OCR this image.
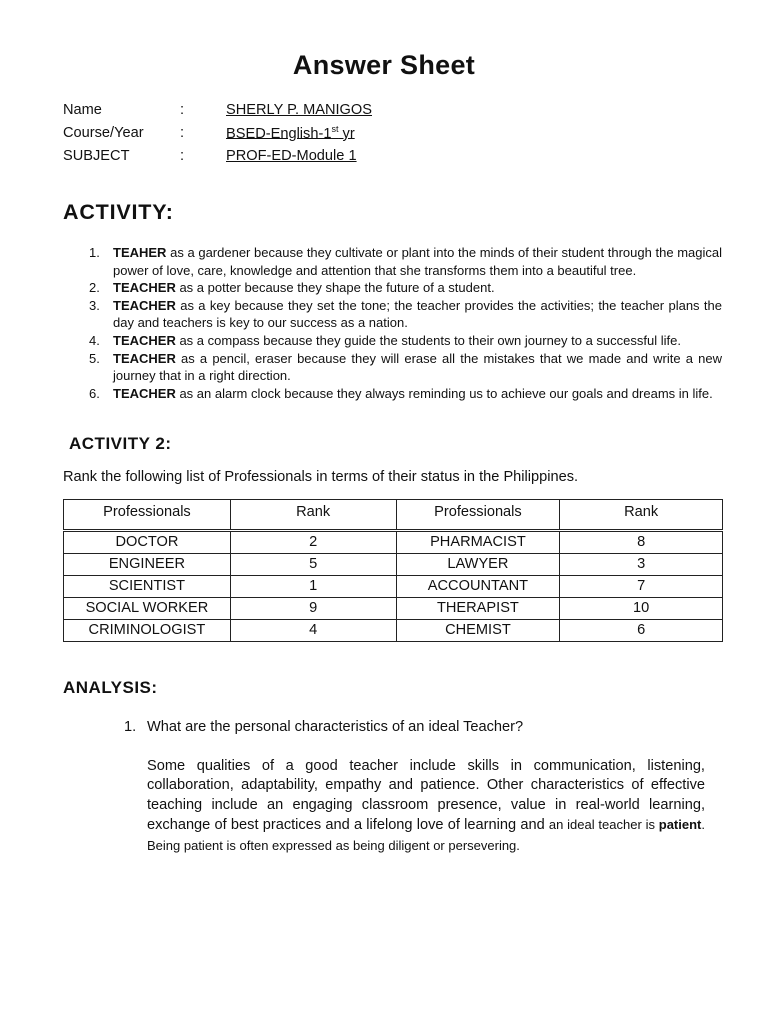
Answer Sheet
Name	:	SHERLY P. MANIGOS
Course/Year	:	BSED-English-1st yr
SUBJECT	:	PROF-ED-Module 1
ACTIVITY:
1.	TEAHER as a gardener because they cultivate or plant into the minds of their student through the magical power of love, care, knowledge and attention that she transforms them into a beautiful tree.
2.	TEACHER as a potter because they shape the future of a student.
3.	TEACHER as a key because they set the tone; the teacher provides the activities; the teacher plans the day and teachers is key to our success as a nation.
4.	TEACHER as a compass because they guide the students to their own journey to a successful life.
5.	TEACHER as a pencil, eraser because they will erase all the mistakes that we made and write a new journey that in a right direction.
6.	TEACHER as an alarm clock because they always reminding us to achieve our goals and dreams in life.
ACTIVITY 2:
Rank the following list of Professionals in terms of their status in the Philippines.
Professionals	Rank	Professionals	Rank
DOCTOR	2	PHARMACIST	8
ENGINEER	5	LAWYER	3
SCIENTIST	1	ACCOUNTANT	7
SOCIAL WORKER	9	THERAPIST	10
CRIMINOLOGIST	4	CHEMIST	6
ANALYSIS:
1. What are the personal characteristics of an ideal Teacher?

Some qualities of a good teacher include skills in communication, listening, collaboration, adaptability, empathy and patience. Other characteristics of effective teaching include an engaging classroom presence, value in real-world learning, exchange of best practices and a lifelong love of learning and an ideal teacher is patient. Being patient is often expressed as being diligent or persevering.
